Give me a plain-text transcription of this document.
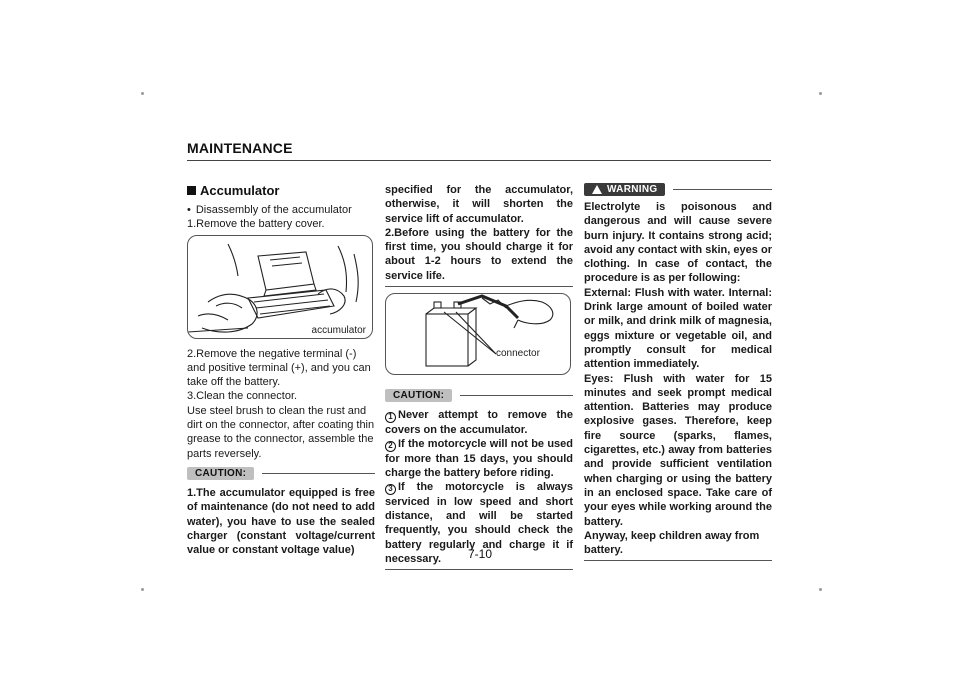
MAINTENANCE
Accumulator
• Disassembly of the accumulator
1.Remove the battery cover.
accumulator
2.Remove the negative terminal (-) and positive terminal (+), and you can take off the battery.
3.Clean the connector.
Use steel brush to clean the rust and dirt on the connector, after coating thin grease to the connector, assemble the parts reversely.
CAUTION:
1.The accumulator equipped is free of maintenance (do not need to add water), you have to use the sealed charger (constant voltage/current value or constant voltage value)
specified for the accumulator, otherwise, it will shorten the service lift of accumulator.
2.Before using the battery for the first time, you should charge it for about 1-2 hours to extend the service life.
connector
CAUTION:
1 Never attempt to remove the covers on the accumulator.
2 If the motorcycle will not be used for more than 15 days, you should charge the battery before riding.
3 If the motorcycle is always serviced in low speed and short distance, and will be started frequently, you should check the battery regularly and charge it if necessary.
WARNING
Electrolyte is poisonous and dangerous and will cause severe burn injury. It contains strong acid; avoid any contact with skin, eyes or clothing. In case of contact, the procedure is as per following:
External: Flush with water. Internal: Drink large amount of boiled water or milk, and drink milk of magnesia, eggs mixture or vegetable oil, and promptly consult for medical attention immediately.
Eyes: Flush with water for 15 minutes and seek prompt medical attention. Batteries may produce explosive gases. Therefore, keep fire source (sparks, flames, cigarettes, etc.) away from batteries and provide sufficient ventilation when charging or using the battery in an enclosed space. Take care of your eyes while working around the battery.
Anyway, keep children away from battery.
7-10
